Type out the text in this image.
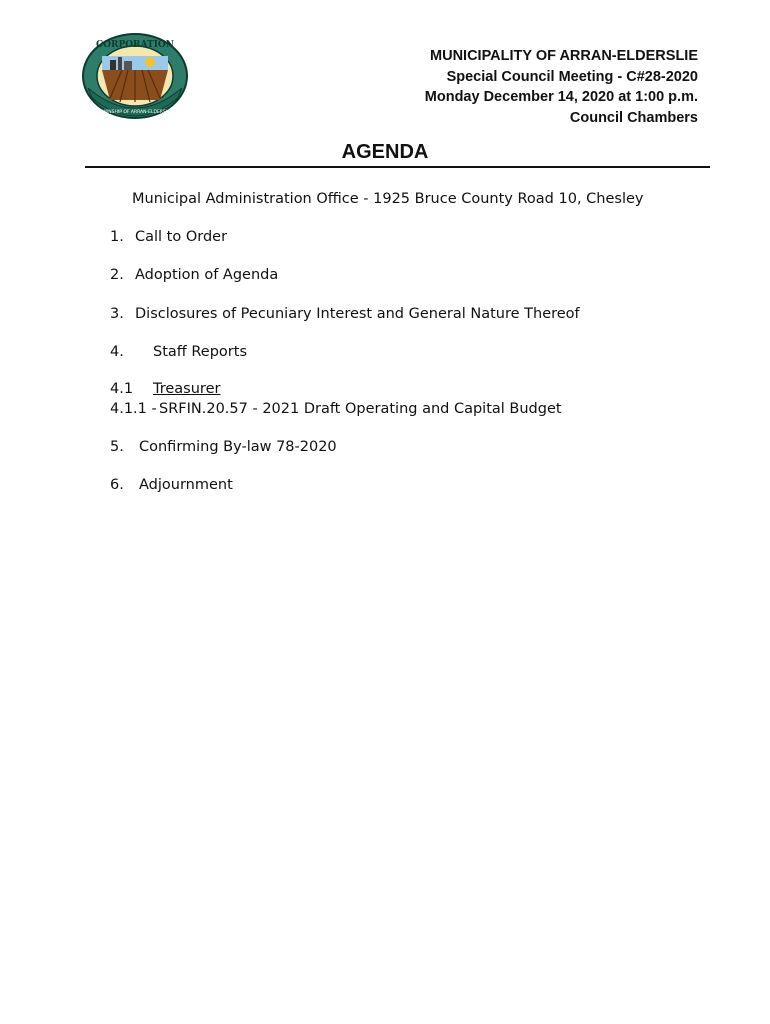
CORPORATION
TOWNSHIP OF ARRAN-ELDERSLIE
MUNICIPALITY OF ARRAN-ELDERSLIE
Special Council Meeting - C#28-2020
Monday December 14, 2020 at 1:00 p.m.
Council Chambers
AGENDA
Municipal Administration Office - 1925 Bruce County Road 10, Chesley
1. Call to Order
2. Adoption of Agenda
3. Disclosures of Pecuniary Interest and General Nature Thereof
4. Staff Reports
4.1 Treasurer
4.1.1 - SRFIN.20.57 - 2021 Draft Operating and Capital Budget
5. Confirming By-law 78-2020
6. Adjournment
